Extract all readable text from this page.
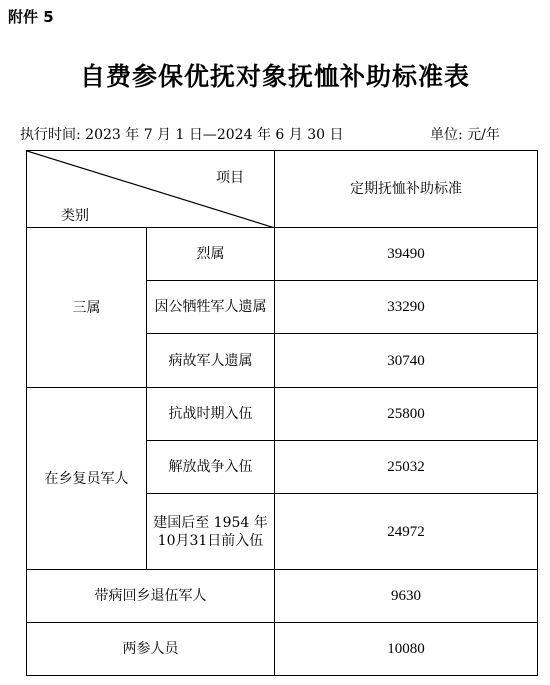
附件 5
自费参保优抚对象抚恤补助标准表
执行时间: 2023 年 7 月 1 日—2024 年 6 月 30 日	单位: 元/年
项目
类别		定期抚恤补助标准
三属	烈属	39490
	因公牺牲军人遗属	33290
	病故军人遗属	30740
在乡复员军人	抗战时期入伍	25800
	解放战争入伍	25032
	建国后至 1954 年10月31日前入伍	24972
带病回乡退伍军人		9630
两参人员		10080
